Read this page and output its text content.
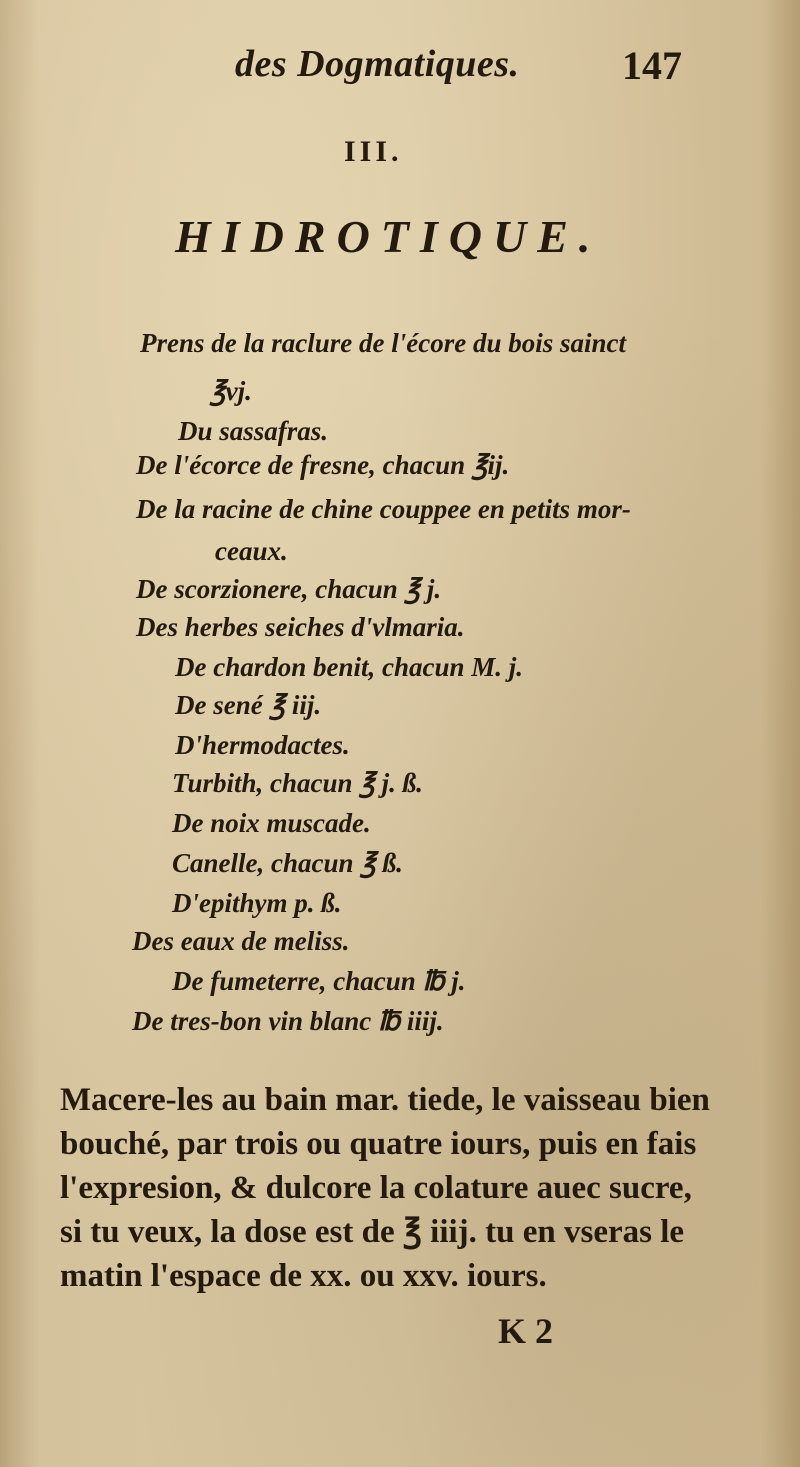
des Dogmatiques.	147
III.
HIDROTIQUE.
Prens de la raclure de l'écore du bois sainct
℥vj.
Du sassafras.
De l'écorce de fresne, chacun ℥ij.
De la racine de chine couppee en petits mor-
ceaux.
De scorzionere, chacun ℥ j.
Des herbes seiches d'vlmaria.
De chardon benit, chacun M. j.
De sené ℥ iij.
D'hermodactes.
Turbith, chacun ℥ j. ß.
De noix muscade.
Canelle, chacun ℥ ß.
D'epithym p. ß.
Des eaux de meliss.
De fumeterre, chacun ℔ j.
De tres-bon vin blanc ℔ iiij.
Macere-les au bain mar. tiede, le vaisseau bien
bouché, par trois ou quatre iours, puis en fais
l'expresion, & dulcore la colature auec sucre,
si tu veux, la dose est de ℥ iiij. tu en vseras le
matin l'espace de xx. ou xxv. iours.
K 2
